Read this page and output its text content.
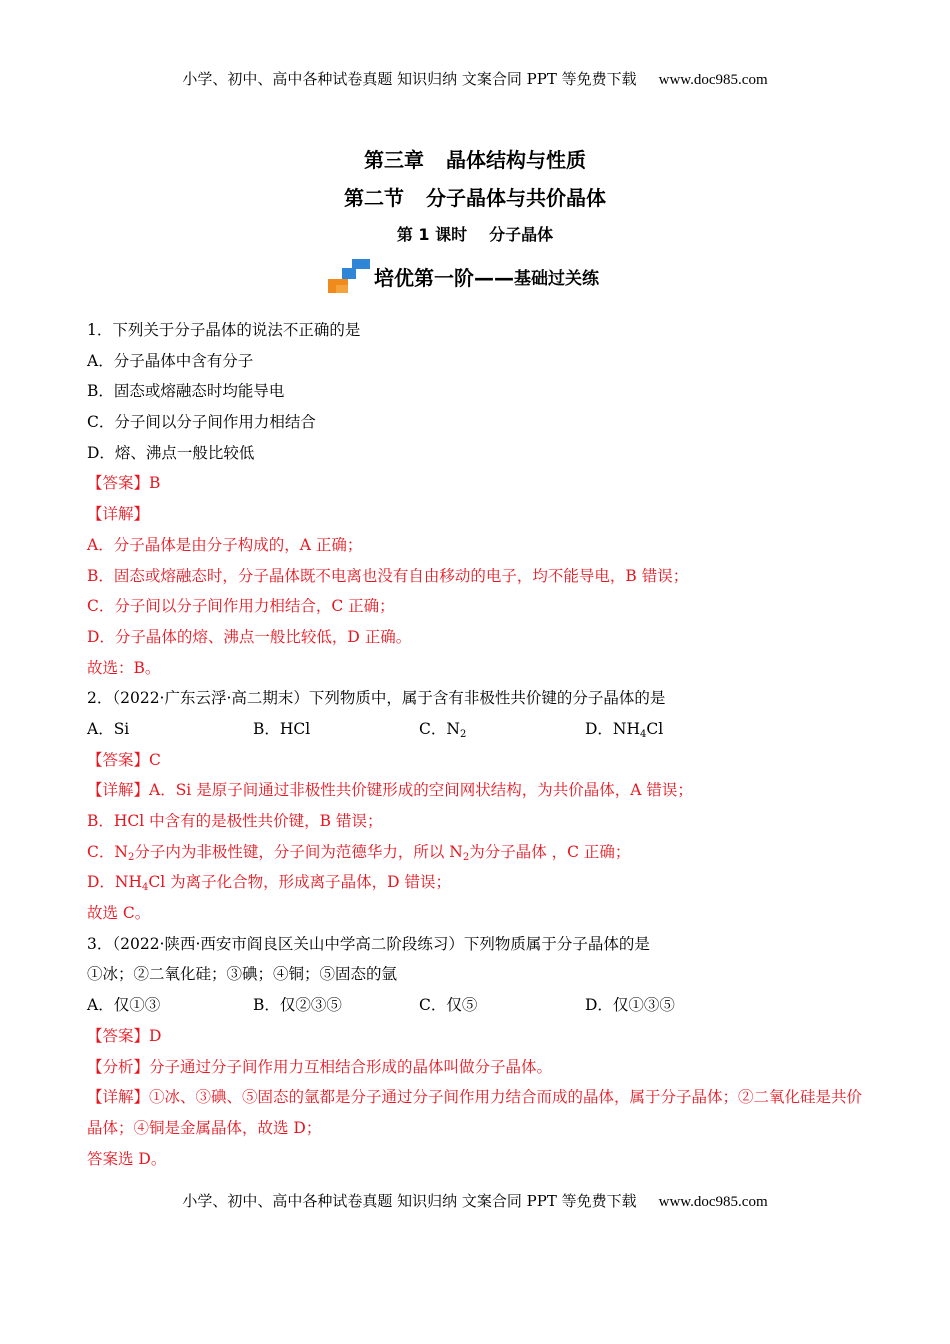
小学、初中、高中各种试卷真题 知识归纳 文案合同 PPT 等免费下载 www.doc985.com
第三章 晶体结构与性质
第二节 分子晶体与共价晶体
第 1 课时 分子晶体
培优第一阶—— 基础过关练
1．下列关于分子晶体的说法不正确的是
A．分子晶体中含有分子
B．固态或熔融态时均能导电
C．分子间以分子间作用力相结合
D．熔、沸点一般比较低
【答案】B
【详解】
A．分子晶体是由分子构成的，A 正确；
B．固态或熔融态时，分子晶体既不电离也没有自由移动的电子，均不能导电，B 错误；
C．分子间以分子间作用力相结合，C 正确；
D．分子晶体的熔、沸点一般比较低，D 正确。
故选：B。
2．（2022·广东云浮·高二期末）下列物质中，属于含有非极性共价键的分子晶体的是
A．Si	B．HCl	C．$N_2$	D．$NH_4Cl$
【答案】C
【详解】A．Si 是原子间通过非极性共价键形成的空间网状结构，为共价晶体，A 错误；
B．HCl 中含有的是极性共价键，B 错误；
C．$N_2$分子内为非极性键，分子间为范德华力，所以 $N_2$为分子晶体 ，C 正确；
D．$NH_4Cl$ 为离子化合物，形成离子晶体，D 错误；
故选 C。
3．（2022·陕西·西安市阎良区关山中学高二阶段练习）下列物质属于分子晶体的是
①冰；②二氧化硅；③碘；④铜；⑤固态的氩
A．仅①③	B．仅②③⑤	C．仅⑤	D．仅①③⑤
【答案】D
【分析】分子通过分子间作用力互相结合形成的晶体叫做分子晶体。
【详解】①冰、③碘、⑤固态的氩都是分子通过分子间作用力结合而成的晶体，属于分子晶体；②二氧化硅是共价晶体；④铜是金属晶体，故选 D；
答案选 D。
小学、初中、高中各种试卷真题 知识归纳 文案合同 PPT 等免费下载 www.doc985.com
